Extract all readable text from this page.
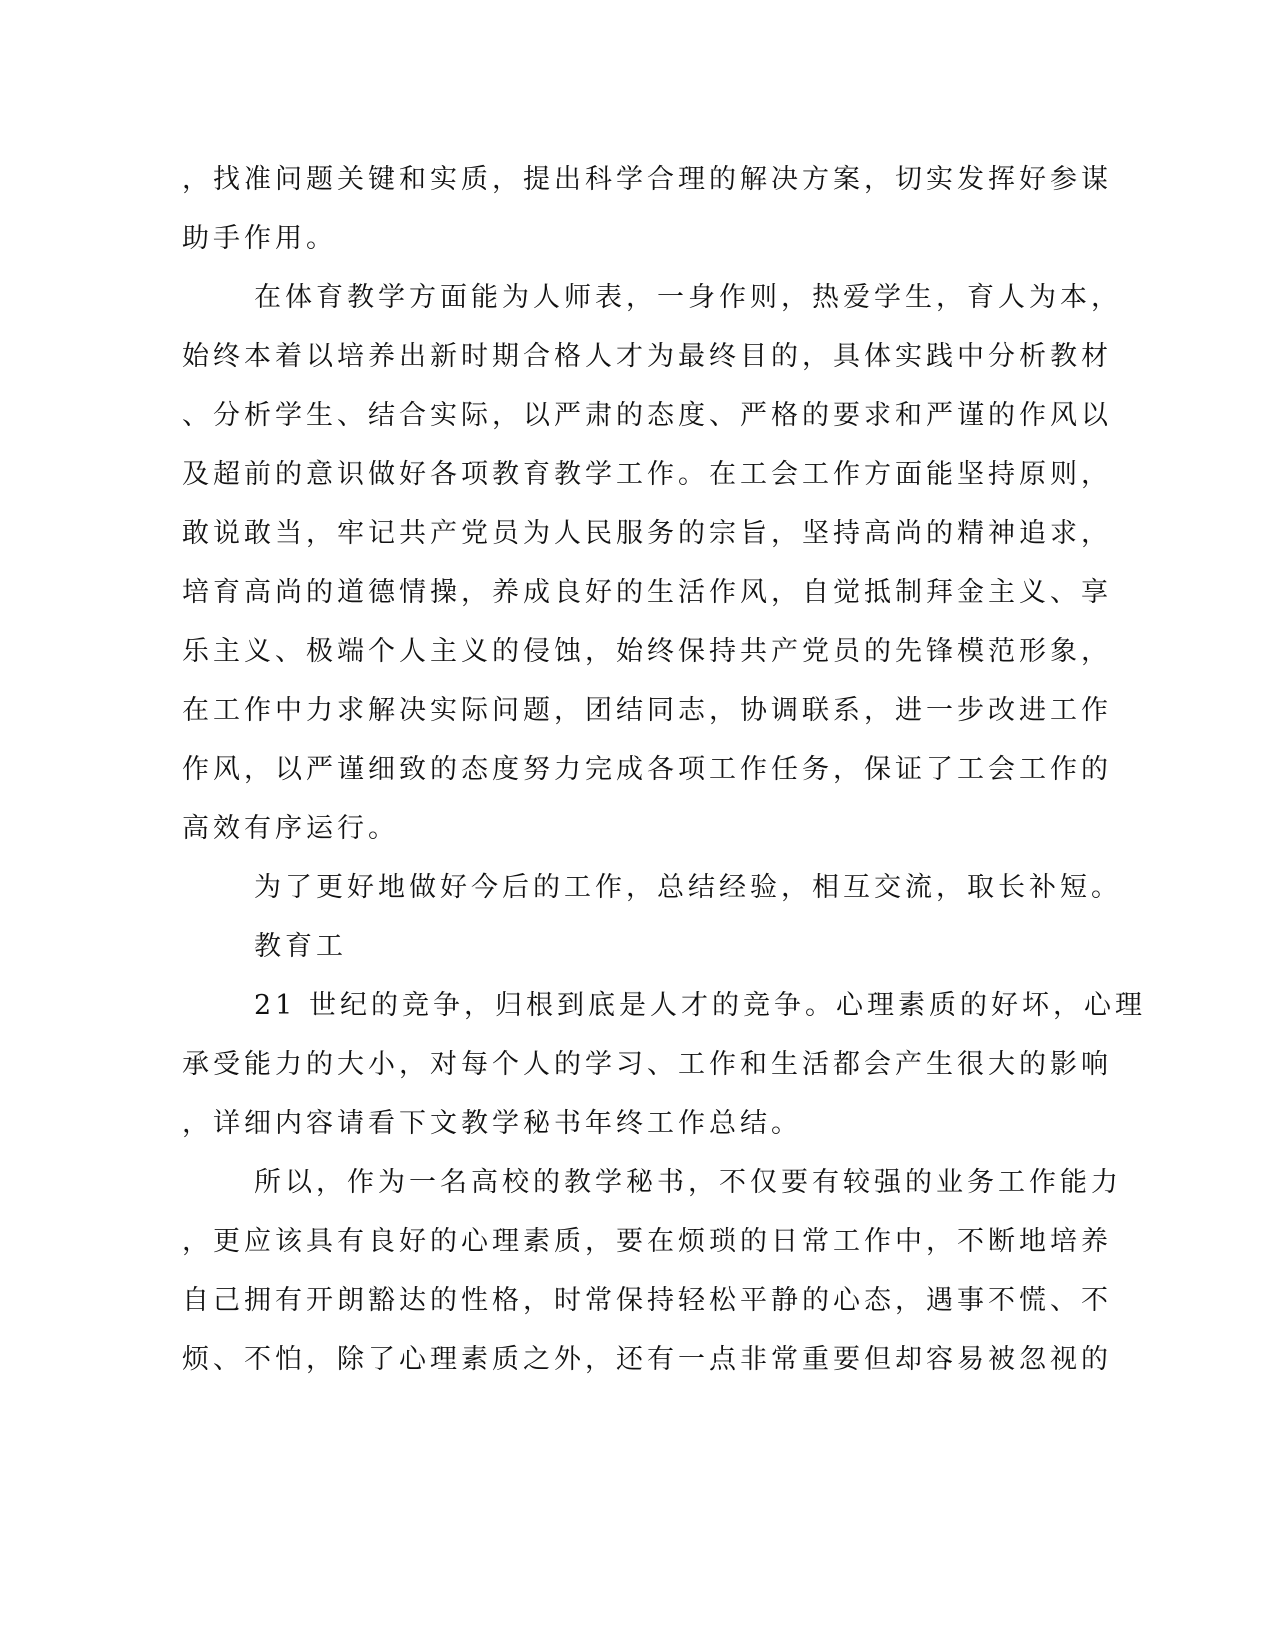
，找准问题关键和实质，提出科学合理的解决方案，切实发挥好参谋
助手作用。
在体育教学方面能为人师表，一身作则，热爱学生，育人为本，
始终本着以培养出新时期合格人才为最终目的，具体实践中分析教材
、分析学生、结合实际，以严肃的态度、严格的要求和严谨的作风以
及超前的意识做好各项教育教学工作。在工会工作方面能坚持原则，
敢说敢当，牢记共产党员为人民服务的宗旨，坚持高尚的精神追求，
培育高尚的道德情操，养成良好的生活作风，自觉抵制拜金主义、享
乐主义、极端个人主义的侵蚀，始终保持共产党员的先锋模范形象，
在工作中力求解决实际问题，团结同志，协调联系，进一步改进工作
作风，以严谨细致的态度努力完成各项工作任务，保证了工会工作的
高效有序运行。
为了更好地做好今后的工作，总结经验，相互交流，取长补短。
教育工
21 世纪的竞争，归根到底是人才的竞争。心理素质的好坏，心理
承受能力的大小，对每个人的学习、工作和生活都会产生很大的影响
，详细内容请看下文教学秘书年终工作总结。
所以，作为一名高校的教学秘书，不仅要有较强的业务工作能力
，更应该具有良好的心理素质，要在烦琐的日常工作中，不断地培养
自己拥有开朗豁达的性格，时常保持轻松平静的心态，遇事不慌、不
烦、不怕，除了心理素质之外，还有一点非常重要但却容易被忽视的
